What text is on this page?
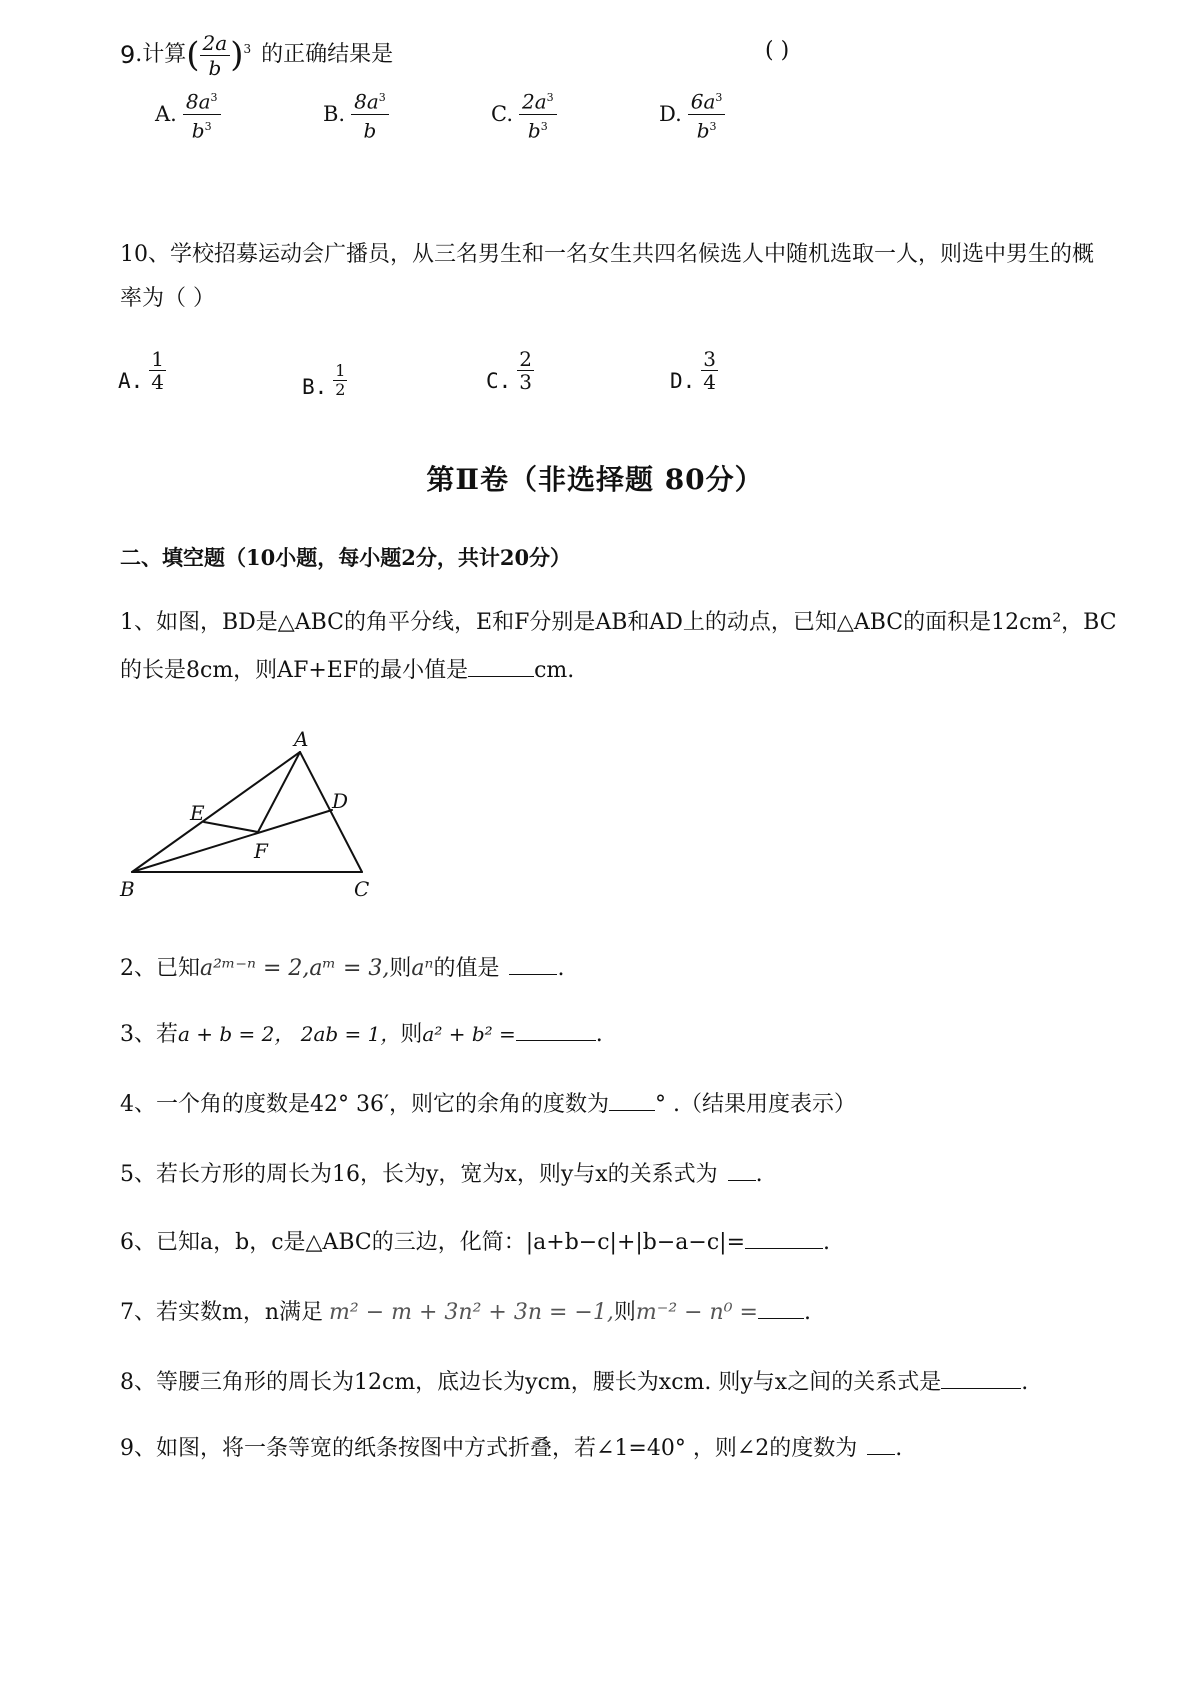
9 .计算 ( $\frac{2a}{b} )^3$ 的正确结果是	( )
A. $\frac{8a^3}{b^3}$	B. $\frac{8a^3}{b}$	C. $\frac{2a^3}{b^3}$	D. $\frac{6a^3}{b^3}$
10、学校招募运动会广播员，从三名男生和一名女生共四名候选人中随机选取一人，则选中男生的概
率为（ ）
A. $\frac{1}{4}$	B. $\frac{1}{2}$	C. $\frac{2}{3}$	D. $\frac{3}{4}$
第Ⅱ卷（非选择题 80分）
二、填空题（10小题，每小题2分，共计20分）
1、如图，BD是△ABC的角平分线，E和F分别是AB和AD上的动点，已知△ABC的面积是12cm²，BC
的长是8cm，则AF+EF的最小值是	cm.
A
B	C
D
E
F
2、已知a²ᵐ⁻ⁿ = 2,aᵐ = 3,则aⁿ的值是	.
3、若a + b = 2， 2ab = 1，则a² + b² =	.
4、一个角的度数是42° 36′，则它的余角的度数为 ° .（结果用度表示）
5、若长方形的周长为16，长为y，宽为x，则y与x的关系式为 .
6、已知a，b，c是△ABC的三边，化简：|a+b−c|+|b−a−c|=	.
7、若实数m，n满足 m² − m + 3n² + 3n = −1,则m⁻² − n⁰ = .
8、等腰三角形的周长为12cm，底边长为ycm，腰长为xcm. 则y与x之间的关系式是	.
9、如图，将一条等宽的纸条按图中方式折叠，若∠1=40° ，则∠2的度数为 .
